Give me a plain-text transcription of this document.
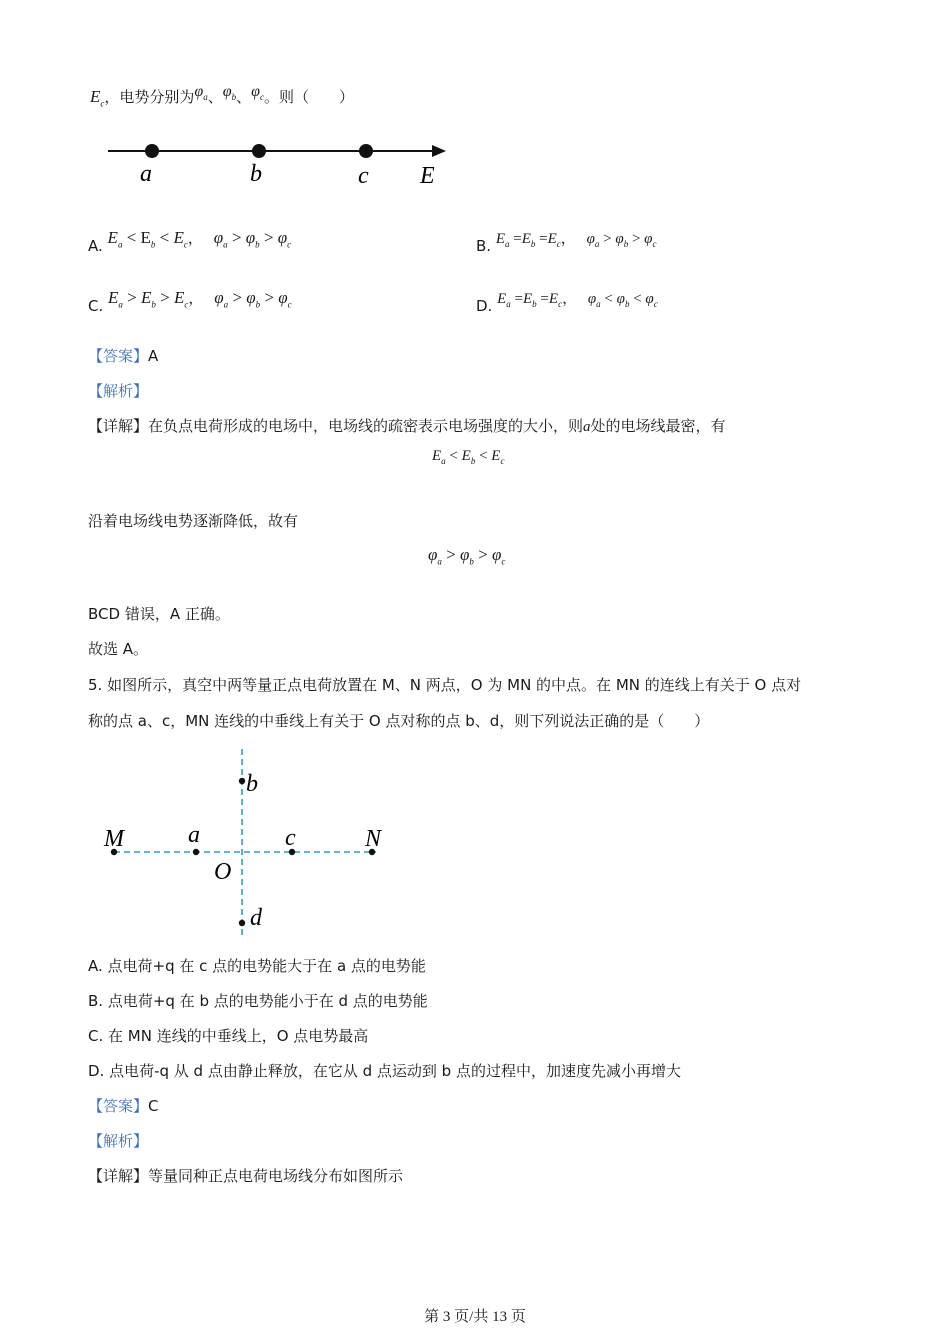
$E_c$，电势分别为$\varphi_a$、$\varphi_b$、$\varphi_c$。则（　　）
a	b	c E
A. $E_a < E_b < E_c$， $\varphi_a > \varphi_b > \varphi_c$	B. $E_a =E_b =E_c$， $\varphi_a > \varphi_b > \varphi_c$
C. $E_a > E_b > E_c$， $\varphi_a > \varphi_b > \varphi_c$	D. $E_a =E_b =E_c$， $\varphi_a < \varphi_b < \varphi_c$
【答案】A
【解析】
【详解】在负点电荷形成的电场中，电场线的疏密表示电场强度的大小，则a处的电场线最密，有
$E_a < E_b < E_c$
沿着电场线电势逐渐降低，故有
$\varphi_a > \varphi_b > \varphi_c$
BCD 错误，A 正确。
故选 A。
5. 如图所示，真空中两等量正点电荷放置在 M、N 两点，O 为 MN 的中点。在 MN 的连线上有关于 O 点对
称的点 a、c，MN 连线的中垂线上有关于 O 点对称的点 b、d，则下列说法正确的是（　　）
M	a	c	N
O
b
d
A. 点电荷+q 在 c 点的电势能大于在 a 点的电势能
B. 点电荷+q 在 b 点的电势能小于在 d 点的电势能
C. 在 MN 连线的中垂线上，O 点电势最高
D. 点电荷-q 从 d 点由静止释放，在它从 d 点运动到 b 点的过程中，加速度先减小再增大
【答案】C
【解析】
【详解】等量同种正点电荷电场线分布如图所示
第 3 页/共 13 页
